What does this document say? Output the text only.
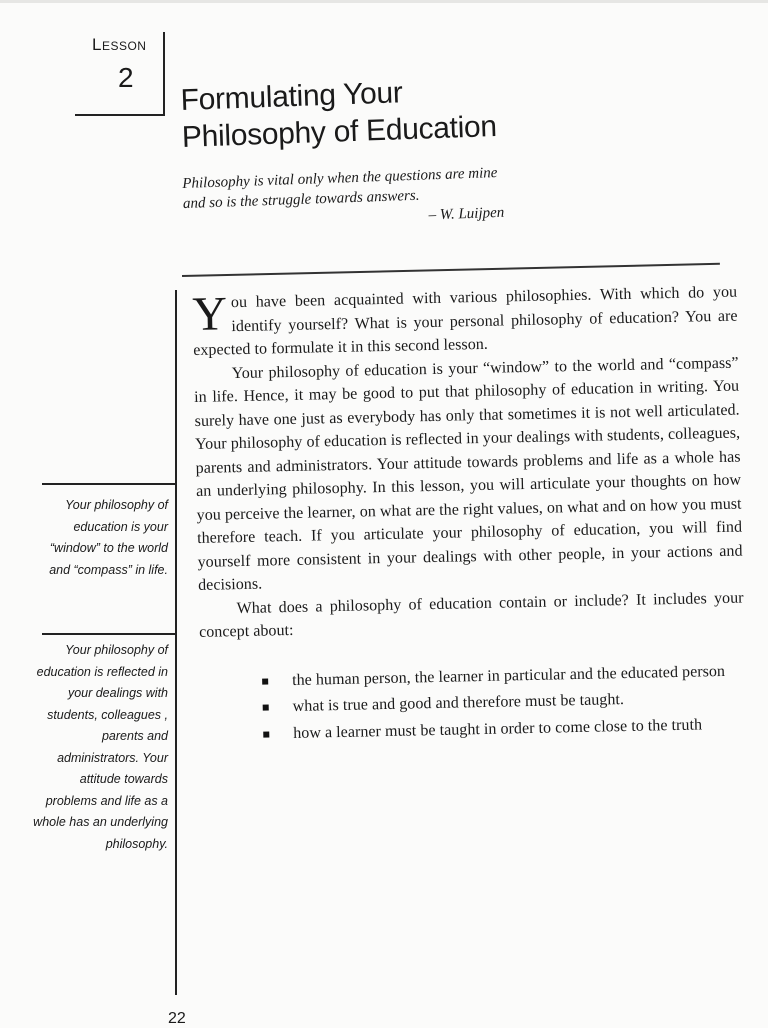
Lesson
2 Formulating Your
Philosophy of Education
Philosophy is vital only when the questions are mine
and so is the struggle towards answers.
– W. Luijpen
Your philosophy of education is your “window” to the world and “compass” in life.
Your philosophy of education is reflected in your dealings with students, colleagues , parents and administrators. Your attitude towards problems and life as a whole has an underlying philosophy.

You have been acquainted with various philosophies. With which do you identify yourself? What is your personal philosophy of education? You are expected to formulate it in this second lesson.

Your philosophy of education is your “window” to the world and “compass” in life. Hence, it may be good to put that philosophy of education in writing. You surely have one just as everybody has only that sometimes it is not well articulated. Your philosophy of education is reflected in your dealings with students, colleagues, parents and administrators. Your attitude towards problems and life as a whole has an underlying philosophy. In this lesson, you will articulate your thoughts on how you perceive the learner, on what are the right values, on what and on how you must therefore teach. If you articulate your philosophy of education, you will find yourself more consistent in your dealings with other people, in your actions and decisions.

What does a philosophy of education contain or include? It includes your concept about:

the human person, the learner in particular and the educated person
what is true and good and therefore must be taught.
how a learner must be taught in order to come close to the truth
22
